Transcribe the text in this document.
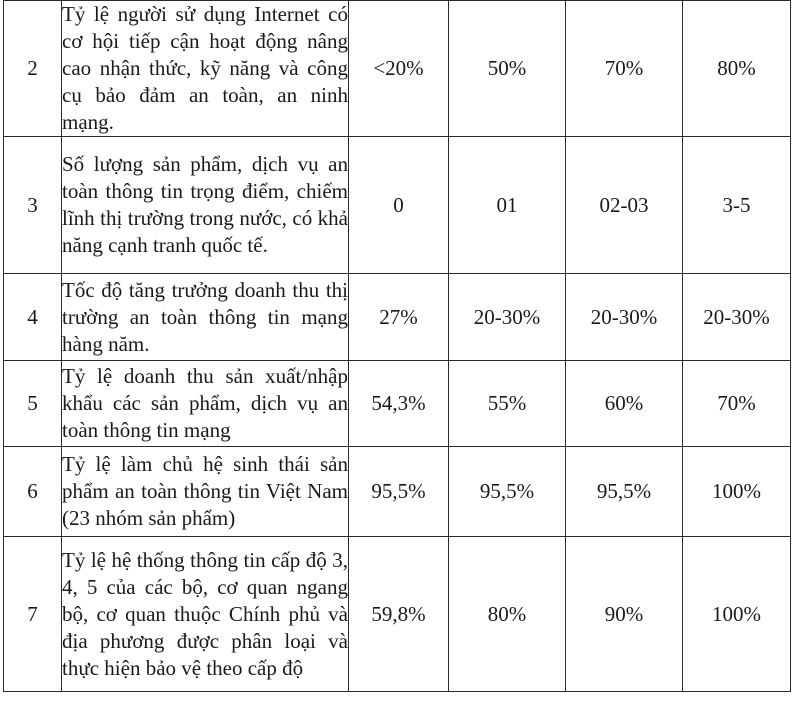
2	Tỷ lệ người sử dụng Internet có cơ hội tiếp cận hoạt động nâng cao nhận thức, kỹ năng và công cụ bảo đảm an toàn, an ninh mạng.	<20%	50%	70%	80%
3	Số lượng sản phẩm, dịch vụ an toàn thông tin trọng điểm, chiếm lĩnh thị trường trong nước, có khả năng cạnh tranh quốc tế.	0	01	02-03	3-5
4	Tốc độ tăng trưởng doanh thu thị trường an toàn thông tin mạng hàng năm.	27%	20-30%	20-30%	20-30%
5	Tỷ lệ doanh thu sản xuất/nhập khẩu các sản phẩm, dịch vụ an toàn thông tin mạng	54,3%	55%	60%	70%
6	Tỷ lệ làm chủ hệ sinh thái sản phẩm an toàn thông tin Việt Nam (23 nhóm sản phẩm)	95,5%	95,5%	95,5%	100%
7	Tỷ lệ hệ thống thông tin cấp độ 3, 4, 5 của các bộ, cơ quan ngang bộ, cơ quan thuộc Chính phủ và địa phương được phân loại và thực hiện bảo vệ theo cấp độ	59,8%	80%	90%	100%
